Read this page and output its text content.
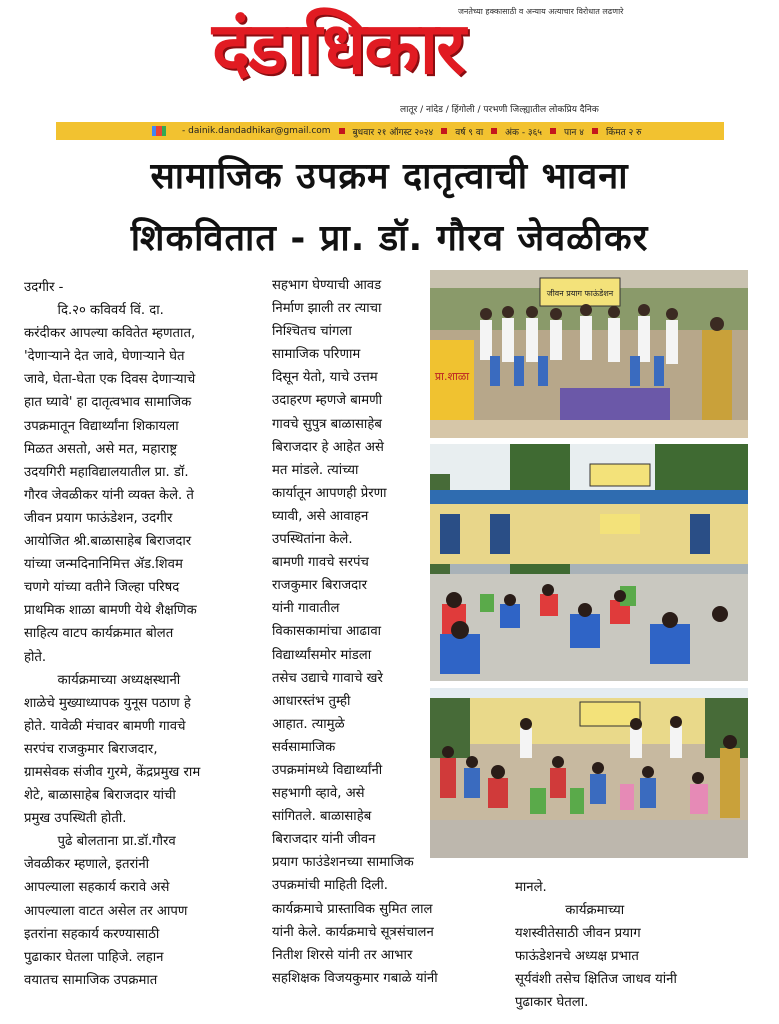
जनतेच्या हक्कासाठी व अन्याय अत्याचार विरोधात लढणारे
दंडाधिकार
लातूर / नांदेड / हिंगोली / परभणी जिल्ह्यातील लोकप्रिय दैनिक
- dainik.dandadhikar@gmail.com	बुधवार २१ ऑगस्ट २०२४	वर्ष ९ वा	अंक - ३६५	पान ४	किंमत २ रु
सामाजिक उपक्रम दातृत्वाची भावना
शिकवितात - प्रा. डॉ. गौरव जेवळीकर

उदगीर -

दि.२० कविवर्य विं. दा.

करंदीकर आपल्या कवितेत म्हणतात,

'देणाऱ्याने देत जावे, घेणाऱ्याने घेत

जावे, घेता-घेता एक दिवस देणाऱ्याचे

हात घ्यावे' हा दातृत्वभाव सामाजिक

उपक्रमातून विद्यार्थ्यांना शिकायला

मिळत असतो, असे मत, महाराष्ट्र

उदयगिरी महाविद्यालयातील प्रा. डॉ.

गौरव जेवळीकर यांनी व्यक्त केले. ते

जीवन प्रयाग फाऊंडेशन, उदगीर

आयोजित श्री.बाळासाहेब बिराजदार

यांच्या जन्मदिनानिमित्त ॲड.शिवम

चणगे यांच्या वतीने जिल्हा परिषद

प्राथमिक शाळा बामणी येथे शैक्षणिक

साहित्य वाटप कार्यक्रमात बोलत

होते.

कार्यक्रमाच्या अध्यक्षस्थानी

शाळेचे मुख्याध्यापक युनूस पठाण हे

होते. यावेळी मंचावर बामणी गावचे

सरपंच राजकुमार बिराजदार,

ग्रामसेवक संजीव गुरमे, केंद्रप्रमुख राम

शेटे, बाळासाहेब बिराजदार यांची

प्रमुख उपस्थिती होती.

पुढे बोलताना प्रा.डॉ.गौरव

जेवळीकर म्हणाले, इतरांनी

आपल्याला सहकार्य करावे असे

आपल्याला वाटत असेल तर आपण

इतरांना सहकार्य करण्यासाठी

पुढाकार घेतला पाहिजे. लहान

वयातच सामाजिक उपक्रमात

सहभाग घेण्याची आवड

निर्माण झाली तर त्याचा

निश्चितच चांगला

सामाजिक परिणाम

दिसून येतो, याचे उत्तम

उदाहरण म्हणजे बामणी

गावचे सुपुत्र बाळासाहेब

बिराजदार हे आहेत असे

मत मांडले. त्यांच्या

कार्यातून आपणही प्रेरणा

घ्यावी, असे आवाहन

उपस्थितांना केले.

बामणी गावचे सरपंच

राजकुमार बिराजदार

यांनी गावातील

विकासकामांचा आढावा

विद्यार्थ्यांसमोर मांडला

तसेच उद्याचे गावाचे खरे

आधारस्तंभ तुम्ही

आहात. त्यामुळे

सर्वसामाजिक

उपक्रमांमध्ये विद्यार्थ्यांनी

सहभागी व्हावे, असे

सांगितले. बाळासाहेब

बिराजदार यांनी जीवन

प्रयाग फाउंडेशनच्या सामाजिक

उपक्रमांची माहिती दिली.

कार्यक्रमाचे प्रास्ताविक सुमित लाल

यांनी केले. कार्यक्रमाचे सूत्रसंचालन

नितीश शिरसे यांनी तर आभार

सहशिक्षक विजयकुमार गबाळे यांनी

मानले.

कार्यक्रमाच्या

यशस्वीतेसाठी जीवन प्रयाग

फाऊंडेशनचे अध्यक्ष प्रभात

सूर्यवंशी तसेच क्षितिज जाधव यांनी

पुढाकार घेतला.

जीवन प्रयाग फाऊंडेशन
प्रा.शाळा
